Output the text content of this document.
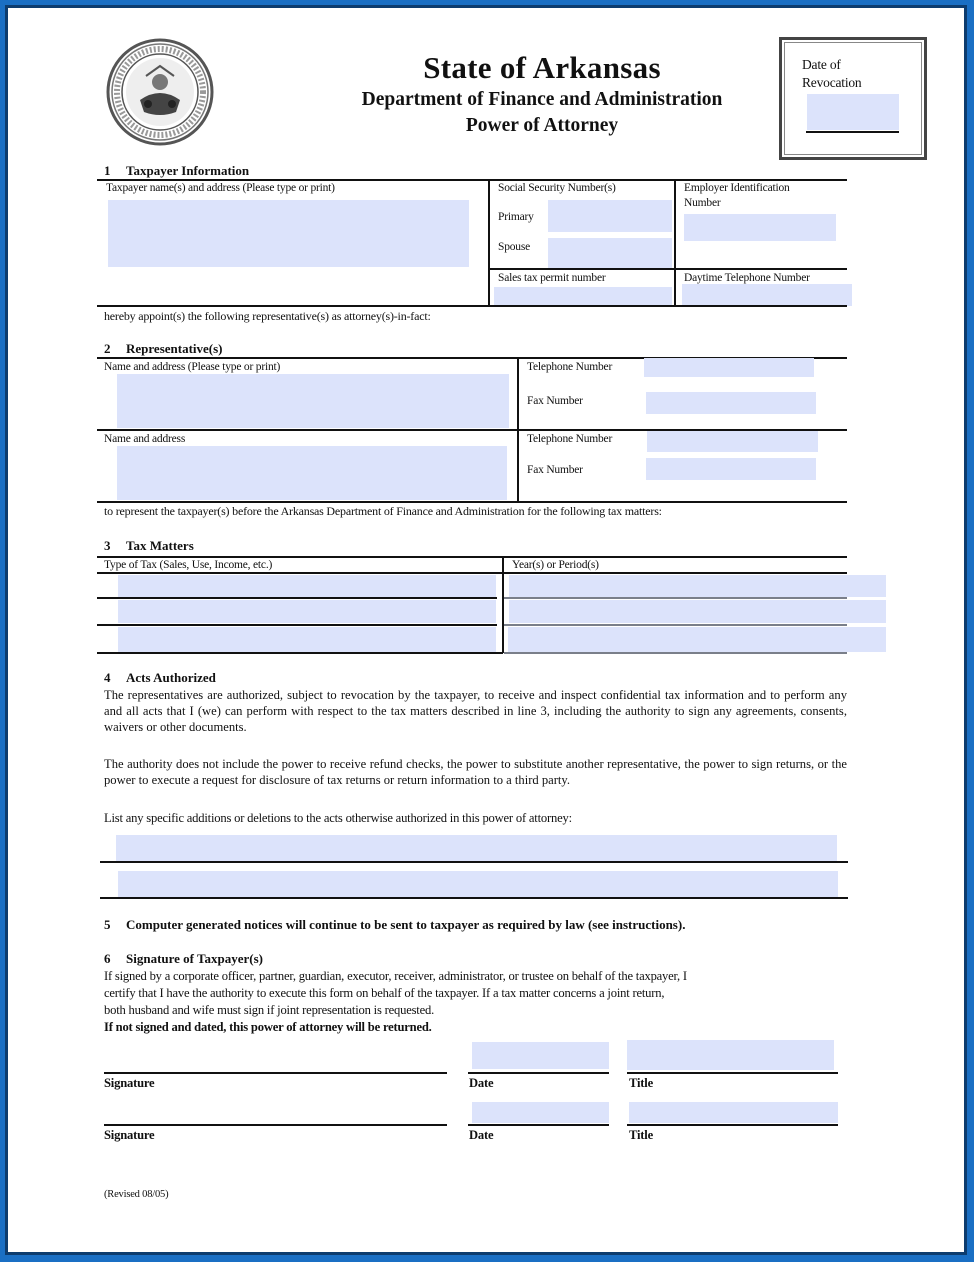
State of Arkansas
Department of Finance and Administration
Power of Attorney
Date of
Revocation
1 Taxpayer Information
Taxpayer name(s) and address (Please type or print)	Social Security Number(s)
Primary
Spouse
Employer Identification
Number
Sales tax permit number	Daytime Telephone Number
hereby appoint(s) the following representative(s) as attorney(s)-in-fact:
2 Representative(s)
Name and address (Please type or print)	Telephone Number
Fax Number
Name and address	Telephone Number
Fax Number
to represent the taxpayer(s) before the Arkansas Department of Finance and Administration for the following tax matters:
3 Tax Matters
Type of Tax (Sales, Use, Income, etc.)	Year(s) or Period(s)
4 Acts Authorized
The representatives are authorized, subject to revocation by the taxpayer, to receive and inspect confidential tax information and to perform any and all acts that I (we) can perform with respect to the tax matters described in line 3, including the authority to sign any agreements, consents, waivers or other documents.
The authority does not include the power to receive refund checks, the power to substitute another representative, the power to sign returns, or the power to execute a request for disclosure of tax returns or return information to a third party.
List any specific additions or deletions to the acts otherwise authorized in this power of attorney:
5 Computer generated notices will continue to be sent to taxpayer as required by law (see instructions).
6 Signature of Taxpayer(s)
If signed by a corporate officer, partner, guardian, executor, receiver, administrator, or trustee on behalf of the taxpayer, I
certify that I have the authority to execute this form on behalf of the taxpayer. If a tax matter concerns a joint return,
both husband and wife must sign if joint representation is requested.
If not signed and dated, this power of attorney will be returned.
Signature	Date	Title
Signature	Date	Title
(Revised 08/05)
